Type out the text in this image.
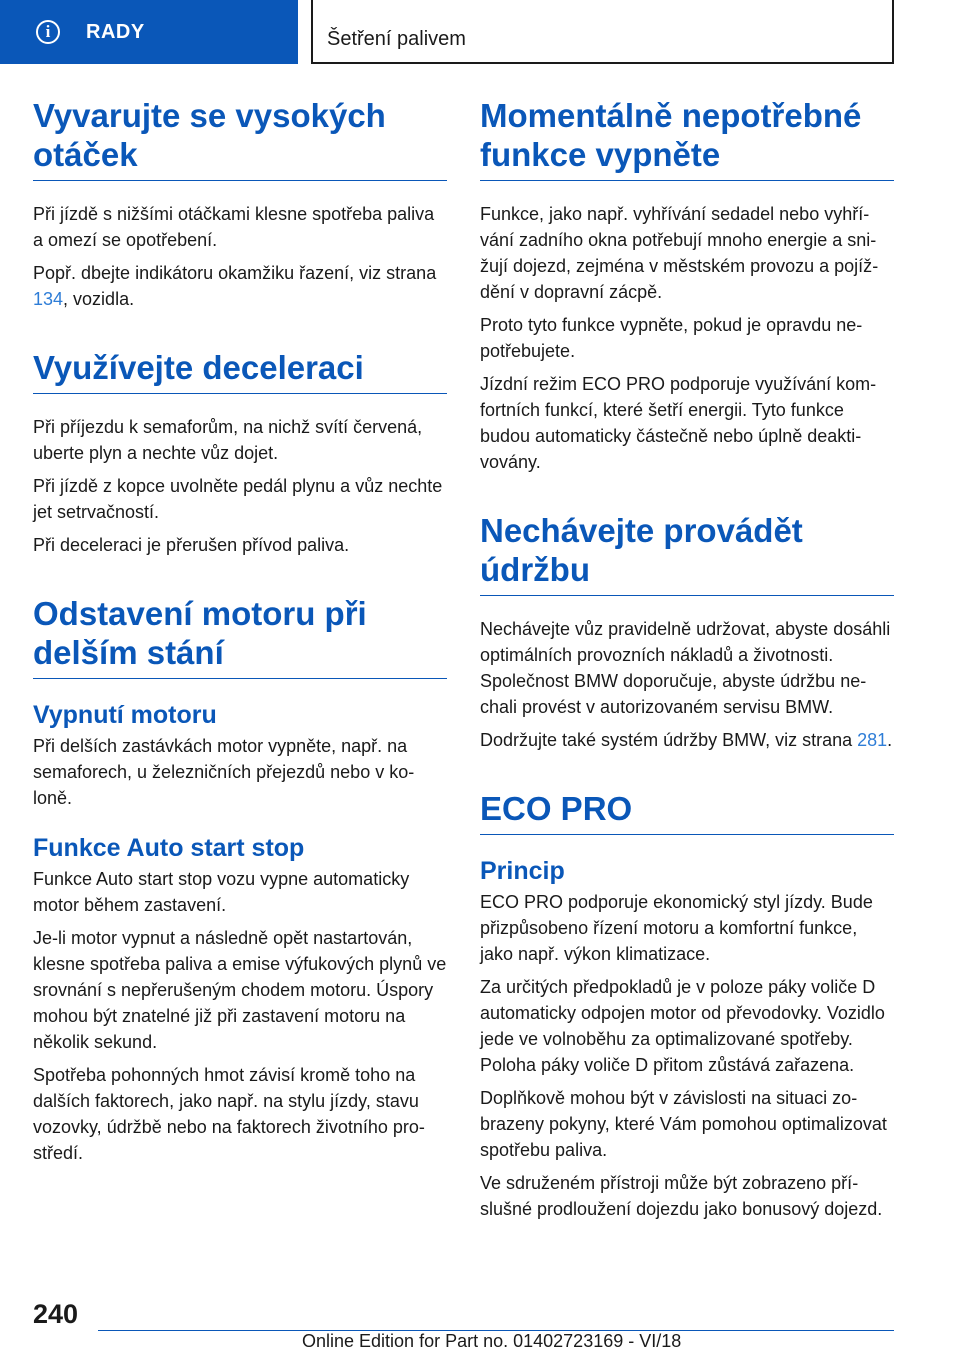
i	RADY	Šetření palivem
Vyvarujte se vysokých otáček

Při jízdě s nižšími otáčkami klesne spotřeba paliva a omezí se opotřebení.

Popř. dbejte indikátoru okamžiku řazení, viz strana 134, vozidla.

Využívejte deceleraci

Při příjezdu k semaforům, na nichž svítí červená, uberte plyn a nechte vůz dojet.

Při jízdě z kopce uvolněte pedál plynu a vůz nechte jet setrvačností.

Při deceleraci je přerušen přívod paliva.

Odstavení motoru při delším stání
Vypnutí motoru

Při delších zastávkách motor vypněte, např. na semaforech, u železničních přejezdů nebo v koloně.

Funkce Auto start stop

Funkce Auto start stop vozu vypne automaticky motor během zastavení.

Je-li motor vypnut a následně opět nastartován, klesne spotřeba paliva a emise výfukových plynů ve srovnání s nepřerušeným chodem motoru. Úspory mohou být znatelné již při zastavení motoru na několik sekund.

Spotřeba pohonných hmot závisí kromě toho na dalších faktorech, jako např. na stylu jízdy, stavu vozovky, údržbě nebo na faktorech životního prostředí.

Momentálně nepotřebné funkce vypněte

Funkce, jako např. vyhřívání sedadel nebo vyhřívání zadního okna potřebují mnoho energie a snižují dojezd, zejména v městském provozu a pojíždění v dopravní zácpě.

Proto tyto funkce vypněte, pokud je opravdu nepotřebujete.

Jízdní režim ECO PRO podporuje využívání komfortních funkcí, které šetří energii. Tyto funkce budou automaticky částečně nebo úplně deaktivovány.

Nechávejte provádět údržbu

Nechávejte vůz pravidelně udržovat, abyste dosáhli optimálních provozních nákladů a životnosti. Společnost BMW doporučuje, abyste údržbu nechali provést v autorizovaném servisu BMW.

Dodržujte také systém údržby BMW, viz strana 281.

ECO PRO
Princip

ECO PRO podporuje ekonomický styl jízdy. Bude přizpůsobeno řízení motoru a komfortní funkce, jako např. výkon klimatizace.

Za určitých předpokladů je v poloze páky voliče D automaticky odpojen motor od převodovky. Vozidlo jede ve volnoběhu za optimalizované spotřeby. Poloha páky voliče D přitom zůstává zařazena.

Doplňkově mohou být v závislosti na situaci zobrazeny pokyny, které Vám pomohou optimalizovat spotřebu paliva.

Ve sdruženém přístroji může být zobrazeno příslušné prodloužení dojezdu jako bonusový dojezd.

240
Online Edition for Part no. 01402723169 - VI/18
